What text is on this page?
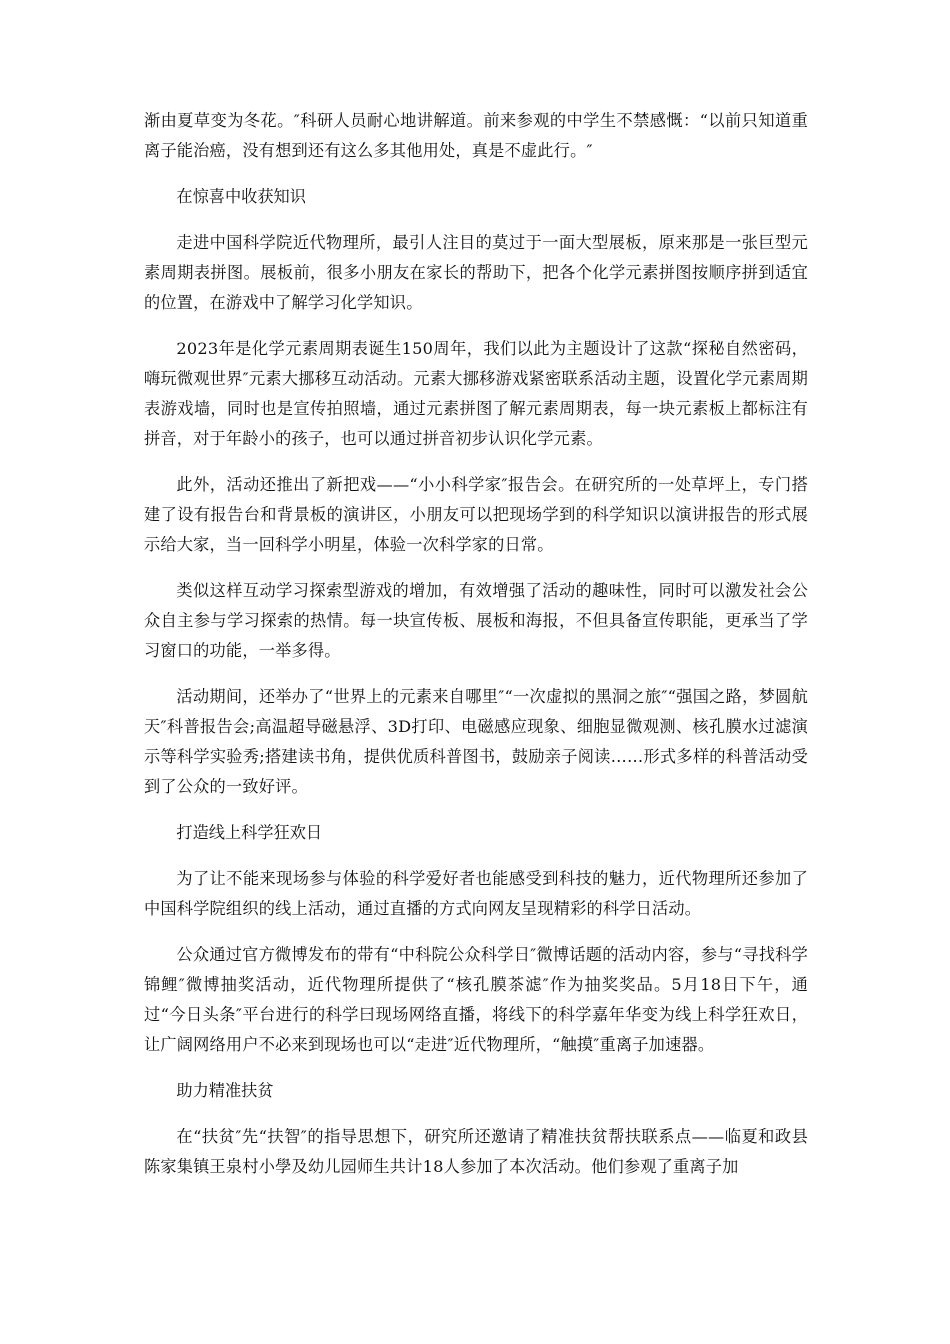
渐由夏草变为冬花。″科研人员耐心地讲解道。前来参观的中学生不禁感慨：“以前只知道重离子能治癌，没有想到还有这么多其他用处，真是不虚此行。″

在惊喜中收获知识

走进中国科学院近代物理所，最引人注目的莫过于一面大型展板，原来那是一张巨型元素周期表拼图。展板前，很多小朋友在家长的帮助下，把各个化学元素拼图按顺序拼到适宜的位置，在游戏中了解学习化学知识。

2023年是化学元素周期表诞生150周年，我们以此为主题设计了这款“探秘自然密码，嗨玩微观世界″元素大挪移互动活动。元素大挪移游戏紧密联系活动主题，设置化学元素周期表游戏墙，同时也是宣传拍照墙，通过元素拼图了解元素周期表，每一块元素板上都标注有拼音，对于年龄小的孩子，也可以通过拼音初步认识化学元素。

此外，活动还推出了新把戏——“小小科学家″报告会。在研究所的一处草坪上，专门搭建了设有报告台和背景板的演讲区，小朋友可以把现场学到的科学知识以演讲报告的形式展示给大家，当一回科学小明星，体验一次科学家的日常。

类似这样互动学习探索型游戏的增加，有效增强了活动的趣味性，同时可以激发社会公众自主参与学习探索的热情。每一块宣传板、展板和海报，不但具备宣传职能，更承当了学习窗口的功能，一举多得。

活动期间，还举办了“世界上的元素来自哪里″“一次虚拟的黑洞之旅″“强国之路，梦圆航天″科普报告会;高温超导磁悬浮、3D打印、电磁感应现象、细胞显微观测、核孔膜水过滤演示等科学实验秀;搭建读书角，提供优质科普图书，鼓励亲子阅读……形式多样的科普活动受到了公众的一致好评。

打造线上科学狂欢日

为了让不能来现场参与体验的科学爱好者也能感受到科技的魅力，近代物理所还参加了中国科学院组织的线上活动，通过直播的方式向网友呈现精彩的科学日活动。

公众通过官方微博发布的带有“中科院公众科学日″微博话题的活动内容，参与“寻找科学锦鲤″微博抽奖活动，近代物理所提供了“核孔膜茶滤″作为抽奖奖品。5月18日下午，通过“今日头条″平台进行的科学曰现场网络直播，将线下的科学嘉年华变为线上科学狂欢日，让广阔网络用户不必来到现场也可以“走进″近代物理所，“触摸″重离子加速器。

助力精准扶贫

在“扶贫″先“扶智″的指导思想下，研究所还邀请了精准扶贫帮扶联系点——临夏和政县陈家集镇王泉村小學及幼儿园师生共计18人参加了本次活动。他们参观了重离子加
